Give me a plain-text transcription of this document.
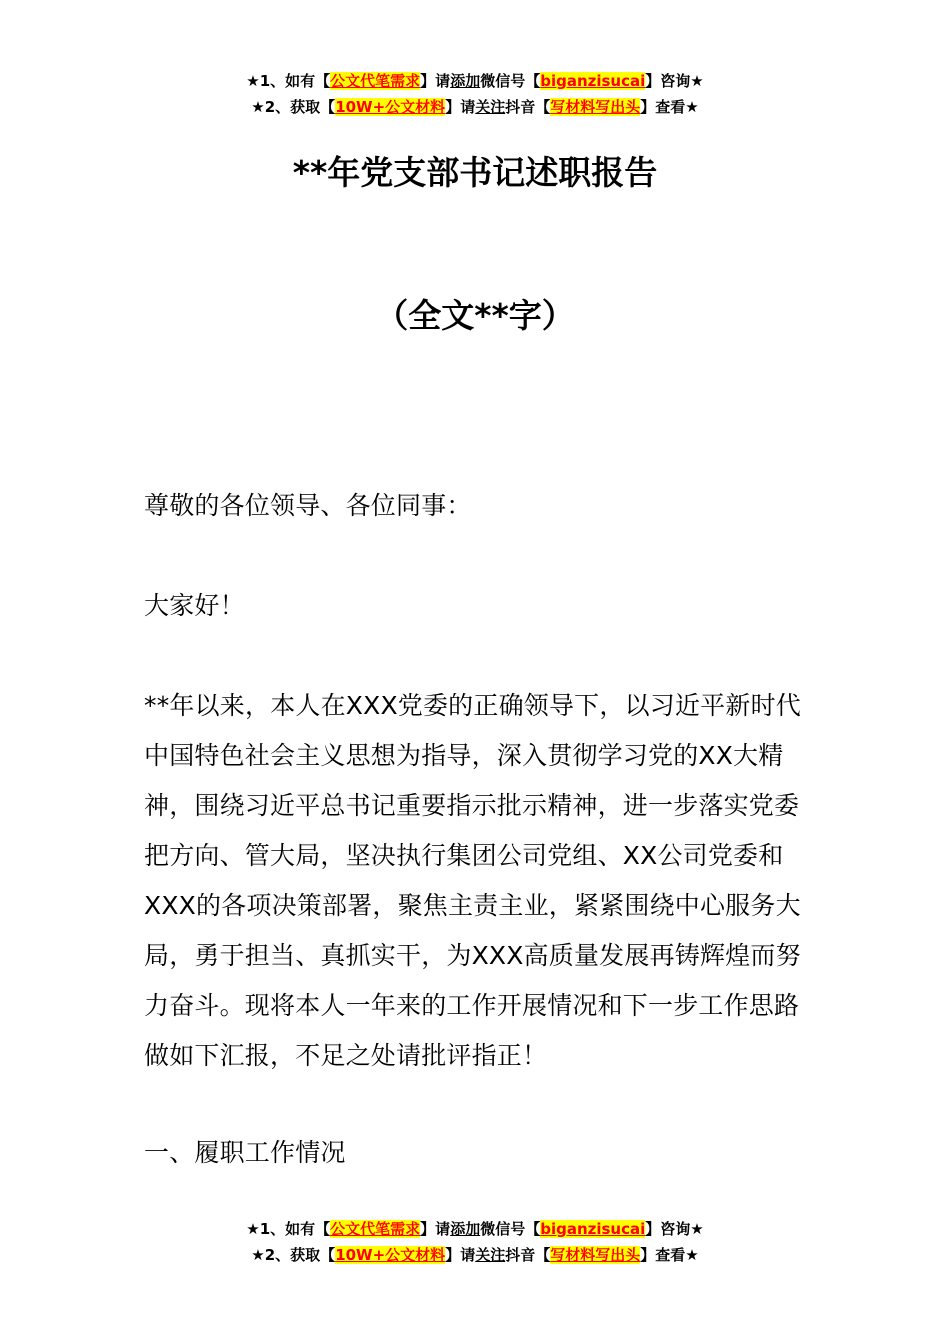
★1、如有【公文代笔需求】请添加微信号【biganzisucai】咨询★
★2、获取【10W+公文材料】请关注抖音【写材料写出头】查看★
**年党支部书记述职报告
（全文**字）

尊敬的各位领导、各位同事：

大家好！

**年以来，本人在XXX党委的正确领导下，以习近平新时代中国特色社会主义思想为指导，深入贯彻学习党的XX大精神，围绕习近平总书记重要指示批示精神，进一步落实党委把方向、管大局，坚决执行集团公司党组、XX公司党委和XXX的各项决策部署，聚焦主责主业，紧紧围绕中心服务大局，勇于担当、真抓实干，为XXX高质量发展再铸辉煌而努力奋斗。现将本人一年来的工作开展情况和下一步工作思路做如下汇报，不足之处请批评指正！

一、履职工作情况

★1、如有【公文代笔需求】请添加微信号【biganzisucai】咨询★
★2、获取【10W+公文材料】请关注抖音【写材料写出头】查看★
